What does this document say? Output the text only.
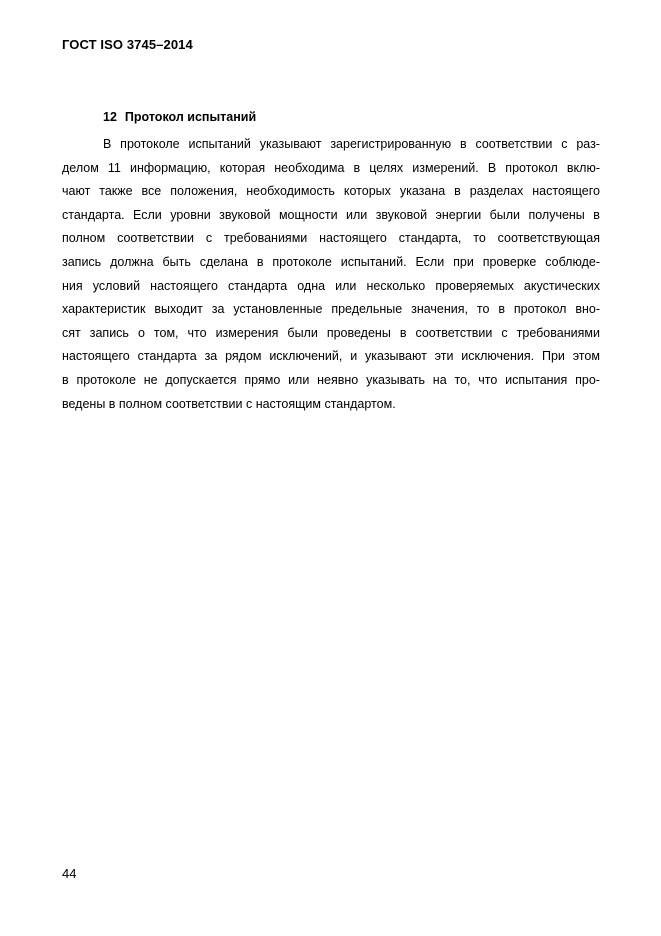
ГОСТ ISO 3745–2014
12 Протокол испытаний
В протоколе испытаний указывают зарегистрированную в соответствии с раз-
делом 11 информацию, которая необходима в целях измерений. В протокол вклю-
чают также все положения, необходимость которых указана в разделах настоящего
стандарта. Если уровни звуковой мощности или звуковой энергии были получены в
полном соответствии с требованиями настоящего стандарта, то соответствующая
запись должна быть сделана в протоколе испытаний. Если при проверке соблюде-
ния условий настоящего стандарта одна или несколько проверяемых акустических
характеристик выходит за установленные предельные значения, то в протокол вно-
сят запись о том, что измерения были проведены в соответствии с требованиями
настоящего стандарта за рядом исключений, и указывают эти исключения. При этом
в протоколе не допускается прямо или неявно указывать на то, что испытания про-
ведены в полном соответствии с настоящим стандартом.
44
